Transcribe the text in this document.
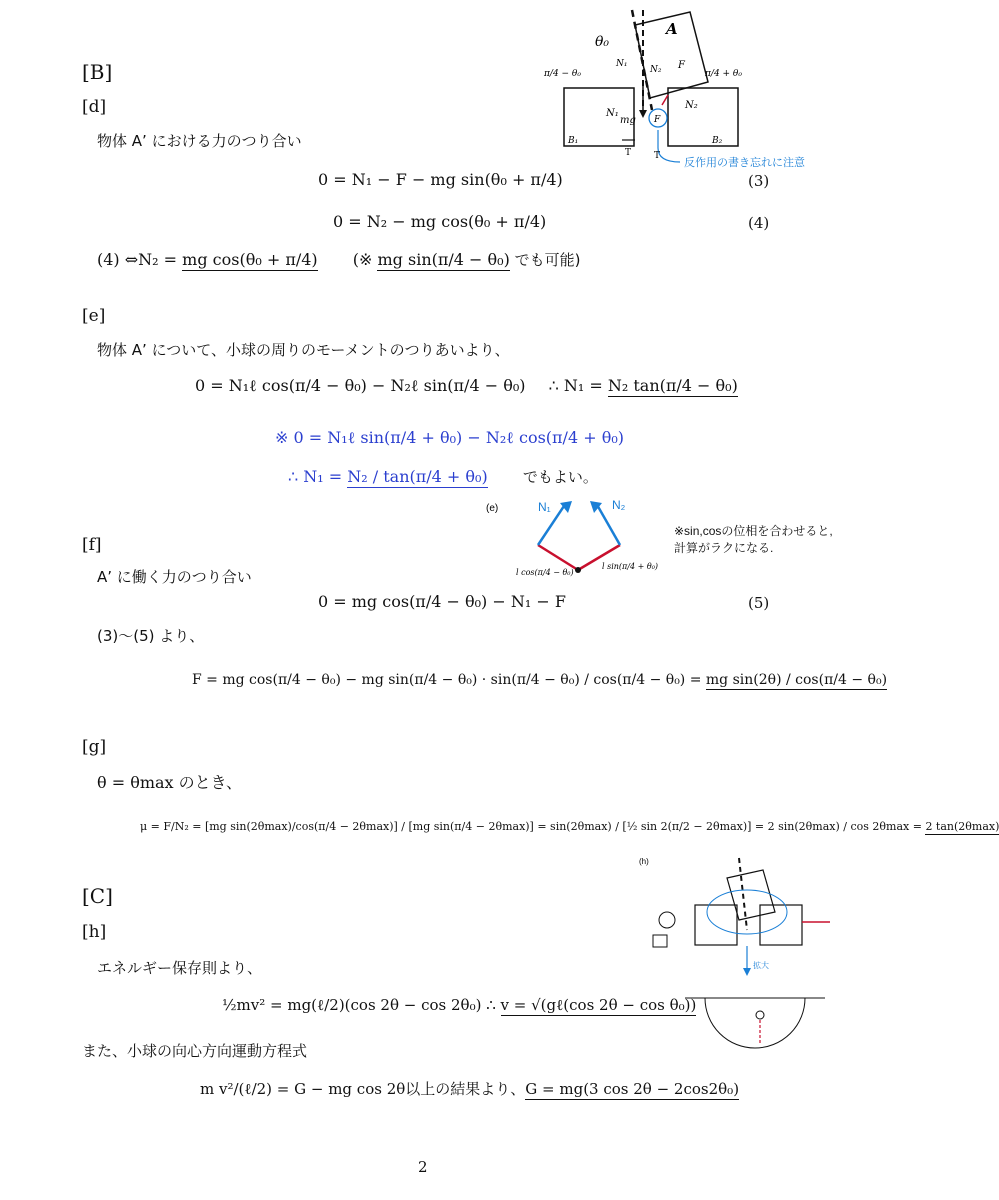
[B]
[d]
物体 A’ における力のつり合い
0 = N₁ − F − mg sin(θ₀ + π/4)	(3)
0 = N₂ − mg cos(θ₀ + π/4)	(4)
(4) ⇔N₂ = mg cos(θ₀ + π/4) (※ mg sin(π/4 − θ₀) でも可能)
θ₀
A
N₁
N₂ F
N₁
N₂
mg F
B₁	B₂
π/4 − θ₀	π/4 + θ₀
T	T
反作用の書き忘れに注意
[e]
物体 A’ について、小球の周りのモーメントのつりあいより、
0 = N₁ℓ cos(π/4 − θ₀) − N₂ℓ sin(π/4 − θ₀) ∴ N₁ = N₂ tan(π/4 − θ₀)
※ 0 = N₁ℓ sin(π/4 + θ₀) − N₂ℓ cos(π/4 + θ₀)
∴ N₁ = N₂ / tan(π/4 + θ₀) でもよい。
(e)	N₁	N₂
l cos(π/4 − θ₀)
l sin(π/4 + θ₀)
※sin,cosの位相を合わせると,
計算がラクになる.
[f]
A’ に働く力のつり合い
0 = mg cos(π/4 − θ₀) − N₁ − F	(5)
(3)〜(5) より、
F = mg cos(π/4 − θ₀) − mg sin(π/4 − θ₀) · sin(π/4 − θ₀) / cos(π/4 − θ₀) = mg sin(2θ) / cos(π/4 − θ₀)
[g]
θ = θmax のとき、
μ = F/N₂ = [mg sin(2θmax)/cos(π/4 − 2θmax)] / [mg sin(π/4 − 2θmax)] = sin(2θmax) / [½ sin 2(π/2 − 2θmax)] = 2 sin(2θmax) / cos 2θmax = 2 tan(2θmax)
[C]
[h]
エネルギー保存則より、
½mv² = mg(ℓ/2)(cos 2θ − cos 2θ₀) ∴ v = √(gℓ(cos 2θ − cos θ₀))
また、小球の向心方向運動方程式
m v²/(ℓ/2) = G − mg cos 2θ以上の結果より、G = mg(3 cos 2θ − 2cos2θ₀)
(h)
拡大
2
